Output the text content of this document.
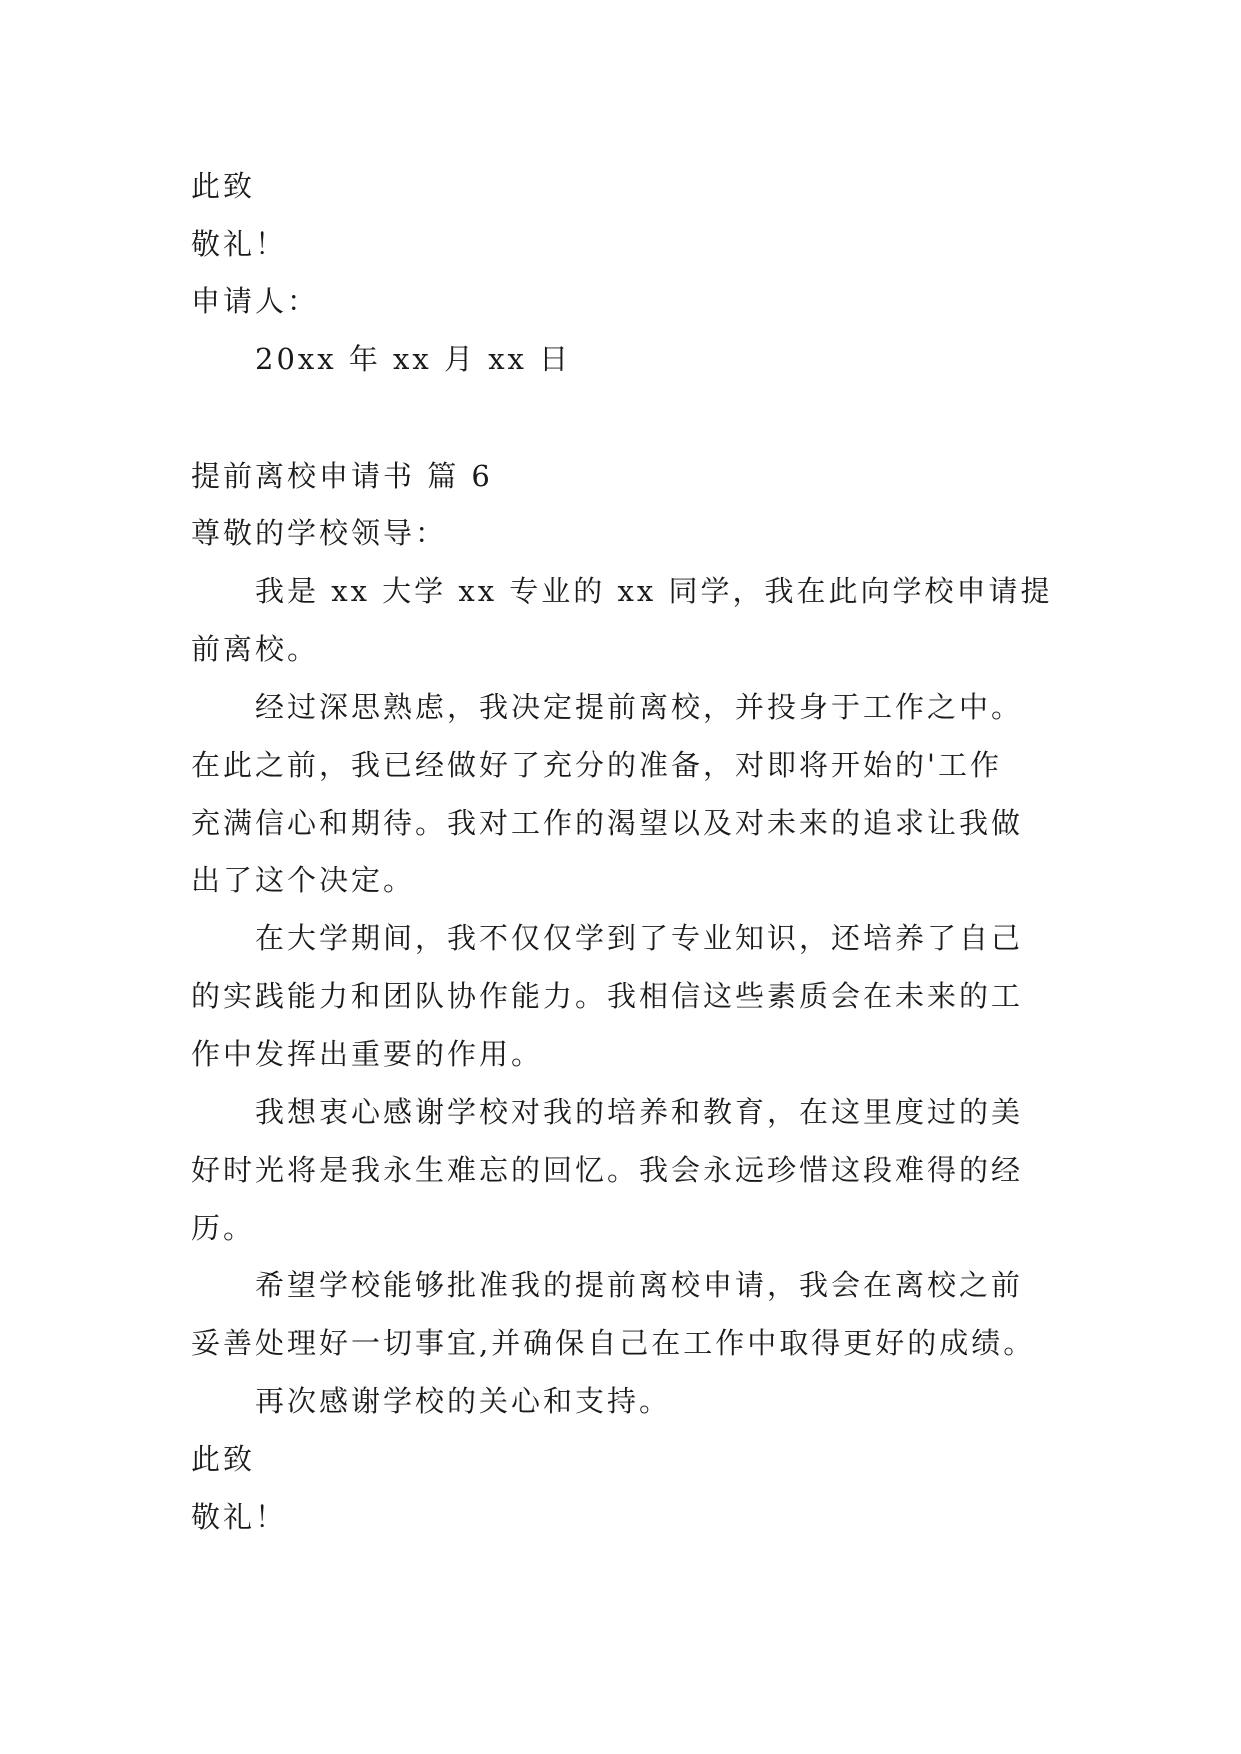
此致
敬礼！
申请人：
20xx 年 xx 月 xx 日
提前离校申请书 篇 6
尊敬的学校领导：
我是 xx 大学 xx 专业的 xx 同学，我在此向学校申请提
前离校。
经过深思熟虑，我决定提前离校，并投身于工作之中。
在此之前，我已经做好了充分的准备，对即将开始的'工作
充满信心和期待。我对工作的渴望以及对未来的追求让我做
出了这个决定。
在大学期间，我不仅仅学到了专业知识，还培养了自己
的实践能力和团队协作能力。我相信这些素质会在未来的工
作中发挥出重要的作用。
我想衷心感谢学校对我的培养和教育，在这里度过的美
好时光将是我永生难忘的回忆。我会永远珍惜这段难得的经
历。
希望学校能够批准我的提前离校申请，我会在离校之前
妥善处理好一切事宜,并确保自己在工作中取得更好的成绩。
再次感谢学校的关心和支持。
此致
敬礼！
